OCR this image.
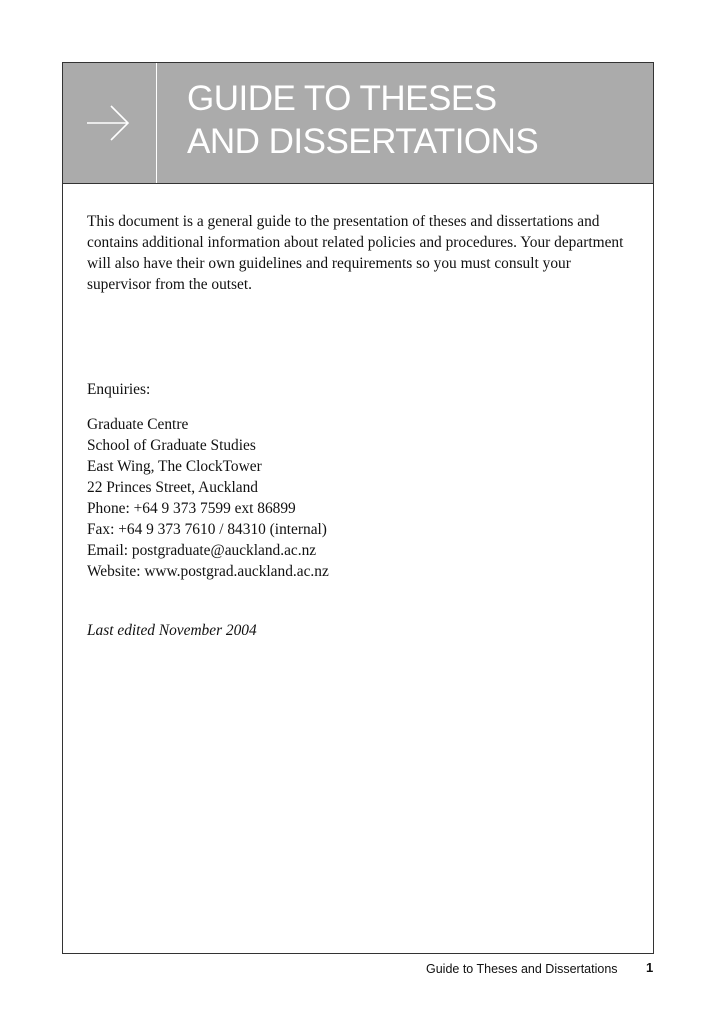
GUIDE TO THESES
AND DISSERTATIONS

This document is a general guide to the presentation of theses and dissertations and contains additional information about related policies and procedures. Your department will also have their own guidelines and requirements so you must consult your supervisor from the outset.

Enquiries:

Graduate Centre
School of Graduate Studies
East Wing, The ClockTower
22 Princes Street, Auckland
Phone: +64 9 373 7599 ext 86899
Fax: +64 9 373 7610 / 84310 (internal)
Email: postgraduate@auckland.ac.nz
Website: www.postgrad.auckland.ac.nz

Last edited November 2004

Guide to Theses and Dissertations 1
